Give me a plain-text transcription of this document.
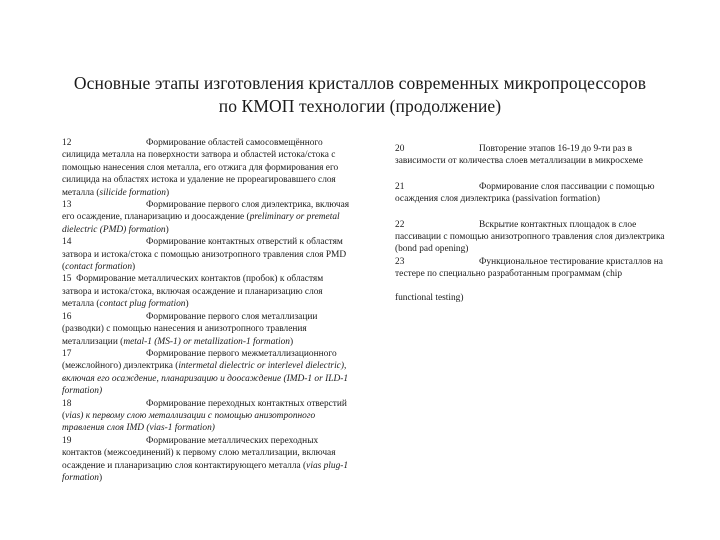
Основные этапы изготовления кристаллов современных микропроцессоров
по КМОП технологии (продолжение)

12	Формирование областей самосовмещённого силицида металла на поверхности затвора и областей истока/стока с помощью нанесения слоя металла, его отжига для формирования его силицида на областях истока и удаление не прореагировавшего слоя металла (silicide formation)

13	Формирование первого слоя диэлектрика, включая его осаждение, планаризацию и доосаждение (preliminary or premetal dielectric (PMD) formation)

14	Формирование контактных отверстий к областям затвора и истока/стока с помощью анизотропного травления слоя PMD (contact formation)

15 Формирование металлических контактов (пробок) к областям затвора и истока/стока, включая осаждение и планаризацию слоя металла (contact plug formation)

16	Формирование первого слоя металлизации (разводки) с помощью нанесения и анизотропного травления металлизации (metal-1 (MS-1) or metallization-1 formation)

17	Формирование первого межметаллизационного (межслойного) диэлектрика (intermetal dielectric or interlevel dielectric), включая его осаждение, планаризацию и доосаждение (IMD-1 or ILD-1 formation)

18	Формирование переходных контактных отверстий (vias) к первому слою металлизации с помощью анизотропного травления слоя IMD (vias-1 formation)

19	Формирование металлических переходных контактов (межсоединений) к первому слою металлизации, включая осаждение и планаризацию слоя контактирующего металла (vias plug-1 formation)

20	Повторение этапов 16-19 до 9-ти раз в зависимости от количества слоев металлизации в микросхеме

21	Формирование слоя пассивации с помощью осаждения слоя диэлектрика (passivation formation)

22	Вскрытие контактных площадок в слое пассивации с помощью анизотропного травления слоя диэлектрика (bond pad opening)

23	Функциональное тестирование кристаллов на тестере по специально разработанным программам (chip

functional testing)
